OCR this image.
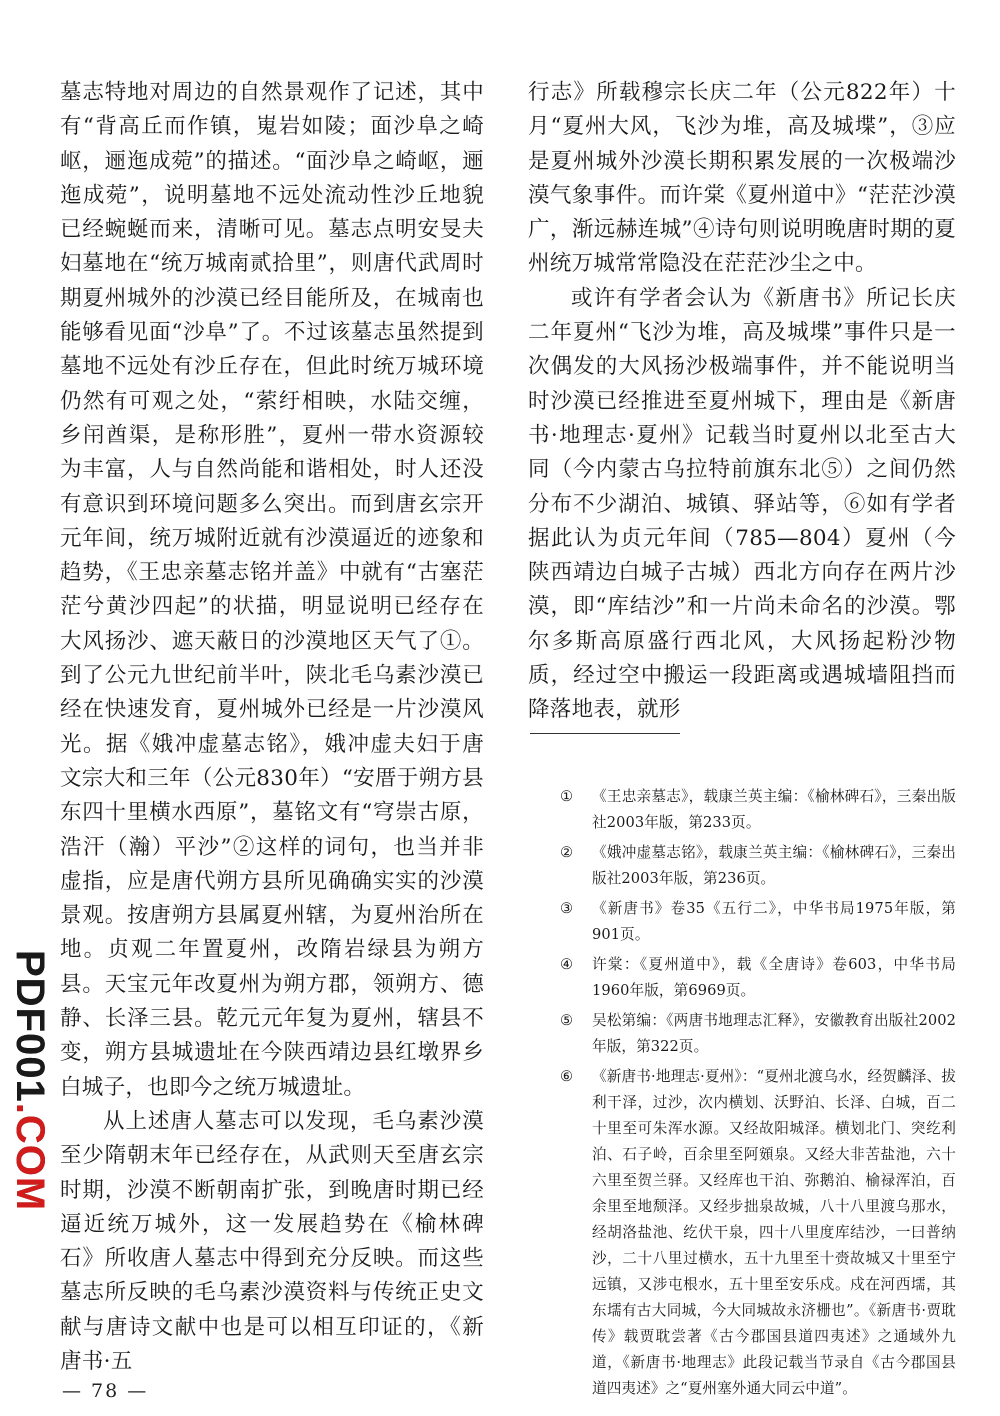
墓志特地对周边的自然景观作了记述，其中有“背高丘而作镇，嵬岩如陵；面沙阜之崎岖，逦迤成菀”的描述。“面沙阜之崎岖，逦迤成菀”，说明墓地不远处流动性沙丘地貌已经蜿蜒而来，清晰可见。墓志点明安旻夫妇墓地在“统万城南贰拾里”，则唐代武周时期夏州城外的沙漠已经目能所及，在城南也能够看见面“沙阜”了。不过该墓志虽然提到墓地不远处有沙丘存在，但此时统万城环境仍然有可观之处，“萦纡相映，水陆交缠，乡闬酋渠，是称形胜”，夏州一带水资源较为丰富，人与自然尚能和谐相处，时人还没有意识到环境问题多么突出。而到唐玄宗开元年间，统万城附近就有沙漠逼近的迹象和趋势，《王忠亲墓志铭并盖》中就有“古塞茫茫兮黄沙四起”的状描，明显说明已经存在大风扬沙、遮天蔽日的沙漠地区天气了①。到了公元九世纪前半叶，陕北毛乌素沙漠已经在快速发育，夏州城外已经是一片沙漠风光。据《娥冲虚墓志铭》，娥冲虚夫妇于唐文宗大和三年（公元830年）“安厝于朔方县东四十里横水西原”，墓铭文有“穹崇古原，浩汗（瀚）平沙”②这样的词句，也当并非虚指，应是唐代朔方县所见确确实实的沙漠景观。按唐朔方县属夏州辖，为夏州治所在地。贞观二年置夏州，改隋岩绿县为朔方县。天宝元年改夏州为朔方郡，领朔方、德静、长泽三县。乾元元年复为夏州，辖县不变，朔方县城遗址在今陕西靖边县红墩界乡白城子，也即今之统万城遗址。

从上述唐人墓志可以发现，毛乌素沙漠至少隋朝末年已经存在，从武则天至唐玄宗时期，沙漠不断朝南扩张，到晚唐时期已经逼近统万城外，这一发展趋势在《榆林碑石》所收唐人墓志中得到充分反映。而这些墓志所反映的毛乌素沙漠资料与传统正史文献与唐诗文献中也是可以相互印证的，《新唐书·五

行志》所载穆宗长庆二年（公元822年）十月“夏州大风，飞沙为堆，高及城堞”，③应是夏州城外沙漠长期积累发展的一次极端沙漠气象事件。而许棠《夏州道中》“茫茫沙漠广，渐远赫连城”④诗句则说明晚唐时期的夏州统万城常常隐没在茫茫沙尘之中。

或许有学者会认为《新唐书》所记长庆二年夏州“飞沙为堆，高及城堞”事件只是一次偶发的大风扬沙极端事件，并不能说明当时沙漠已经推进至夏州城下，理由是《新唐书·地理志·夏州》记载当时夏州以北至古大同（今内蒙古乌拉特前旗东北⑤）之间仍然分布不少湖泊、城镇、驿站等，⑥如有学者据此认为贞元年间（785—804）夏州（今陕西靖边白城子古城）西北方向存在两片沙漠，即“库结沙”和一片尚未命名的沙漠。鄂尔多斯高原盛行西北风，大风扬起粉沙物质，经过空中搬运一段距离或遇城墙阻挡而降落地表，就形

① 《王忠亲墓志》，载康兰英主编：《榆林碑石》，三秦出版社2003年版，第233页。
② 《娥冲虚墓志铭》，载康兰英主编：《榆林碑石》，三秦出版社2003年版，第236页。
③ 《新唐书》卷35《五行二》，中华书局1975年版，第901页。
④ 许棠：《夏州道中》，载《全唐诗》卷603，中华书局1960年版，第6969页。
⑤ 吴松第编：《两唐书地理志汇释》，安徽教育出版社2002年版，第322页。
⑥ 《新唐书·地理志·夏州》：“夏州北渡乌水，经贺麟泽、拔利干泽，过沙，次内横划、沃野泊、长泽、白城，百二十里至可朱浑水源。又经故阳城泽。横划北门、突纥利泊、石子岭，百余里至阿頞泉。又经大非苦盐池，六十六里至贺兰驿。又经库也干泊、弥鹅泊、榆禄浑泊，百余里至地颓泽。又经步拙泉故城，八十八里渡乌那水，经胡洛盐池、纥伏干泉，四十八里度库结沙，一曰普纳沙，二十八里过横水，五十九里至十赍故城又十里至宁远镇，又涉屯根水，五十里至安乐戍。戍在河西壖，其东壖有古大同城，今大同城故永济栅也”。《新唐书·贾耽传》载贾耽尝著《古今郡国县道四夷述》之通域外九道，《新唐书·地理志》此段记载当节录自《古今郡国县道四夷述》之“夏州塞外通大同云中道”。
PDF001.COM
— 78 —
